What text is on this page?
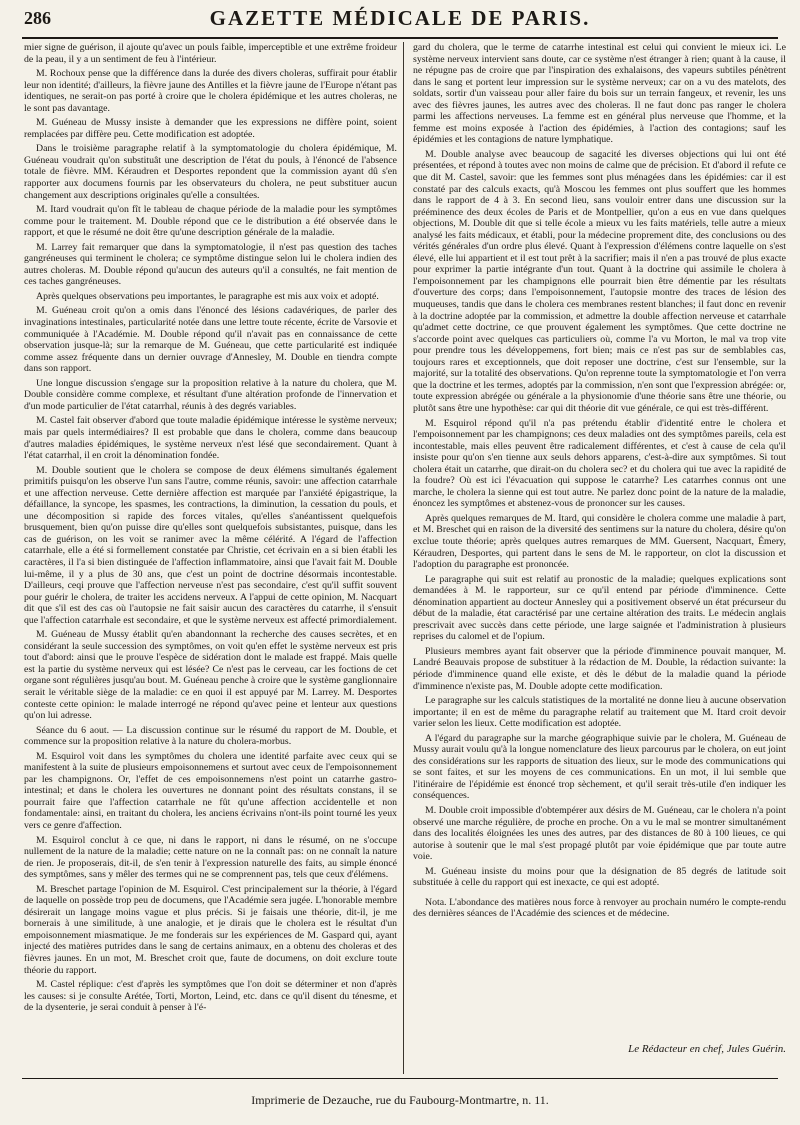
286	GAZETTE MÉDICALE DE PARIS.

mier signe de guérison, il ajoute qu'avec un pouls faible, imperceptible et une extrême froideur de la peau, il y a un sentiment de feu à l'intérieur.

M. Rochoux pense que la différence dans la durée des divers choleras, suffirait pour établir leur non identité; d'ailleurs, la fièvre jaune des Antilles et la fièvre jaune de l'Europe n'étant pas identiques, ne serait-on pas porté à croire que le cholera épidémique et les autres choleras, ne le sont pas davantage.

M. Guéneau de Mussy insiste à demander que les expressions ne diffère point, soient remplacées par diffère peu. Cette modification est adoptée.

Dans le troisième paragraphe relatif à la symptomatologie du cholera épidémique, M. Guéneau voudrait qu'on substituât une description de l'état du pouls, à l'énoncé de l'absence totale de fièvre. MM. Kéraudren et Desportes repondent que la commission ayant dû s'en rapporter aux documens fournis par les observateurs du cholera, ne peut substituer aucun changement aux descriptions originales qu'elle a consultées.

M. Itard voudrait qu'on fît le tableau de chaque période de la maladie pour les symptômes comme pour le traitement. M. Double répond que ce le distribution a été observée dans le rapport, et que le résumé ne doit être qu'une description générale de la maladie.

M. Larrey fait remarquer que dans la symptomatologie, il n'est pas question des taches gangréneuses qui terminent le cholera; ce symptôme distingue selon lui le cholera indien des autres choleras. M. Double répond qu'aucun des auteurs qu'il a consultés, ne fait mention de ces taches gangréneuses.

Après quelques observations peu importantes, le paragraphe est mis aux voix et adopté.

M. Guéneau croit qu'on a omis dans l'énoncé des lésions cadavériques, de parler des invaginations intestinales, particularité notée dans une lettre toute récente, écrite de Varsovie et communiquée à l'Académie. M. Double répond qu'il n'avait pas en connaissance de cette observation jusque-là; sur la remarque de M. Guéneau, que cette particularité est indiquée comme assez fréquente dans un dernier ouvrage d'Annesley, M. Double en tiendra compte dans son rapport.

Une longue discussion s'engage sur la proposition relative à la nature du cholera, que M. Double considère comme complexe, et résultant d'une altération profonde de l'innervation et d'un mode particulier de l'état catarrhal, réunis à des degrés variables.

M. Castel fait observer d'abord que toute maladie épidémique intéresse le système nerveux; mais par quels intermédiaires? Il est probable que dans le cholera, comme dans beaucoup d'autres maladies épidémiques, le système nerveux n'est lésé que secondairement. Quant à l'état catarrhal, il en croit la dénomination fondée.

M. Double soutient que le cholera se compose de deux élémens simultanés également primitifs puisqu'on les observe l'un sans l'autre, comme réunis, savoir: une affection catarrhale et une affection nerveuse. Cette dernière affection est marquée par l'anxiété épigastrique, la défaillance, la syncope, les spasmes, les contractions, la diminution, la cessation du pouls, et une décomposition si rapide des forces vitales, qu'elles s'anéantissent quelquefois brusquement, bien qu'on puisse dire qu'elles sont quelquefois subsistantes, puisque, dans les cas de guérison, on les voit se ranimer avec la même célérité. A l'égard de l'affection catarrhale, elle a été si formellement constatée par Christie, cet écrivain en a si bien établi les caractères, il l'a si bien distinguée de l'affection inflammatoire, ainsi que l'avait fait M. Double lui-même, il y a plus de 30 ans, que c'est un point de doctrine désormais incontestable. D'ailleurs, ceqi prouve que l'affection nerveuse n'est pas secondaire, c'est qu'il suffit souvent pour guérir le cholera, de traiter les accidens nerveux. A l'appui de cette opinion, M. Nacquart dit que s'il est des cas où l'autopsie ne fait saisir aucun des caractères du catarrhe, il s'ensuit que l'affection catarrhale est secondaire, et que le système nerveux est affecté primordialement.

M. Guéneau de Mussy établit qu'en abandonnant la recherche des causes secrètes, et en considérant la seule succession des symptômes, on voit qu'en effet le système nerveux est pris tout d'abord: ainsi que le prouve l'espèce de sidération dont le malade est frappé. Mais quelle est la partie du système nerveux qui est lésée? Ce n'est pas le cerveau, car les foctions de cet organe sont régulières jusqu'au bout. M. Guéneau penche à croire que le système ganglionnaire serait le véritable siège de la maladie: ce en quoi il est appuyé par M. Larrey. M. Desportes conteste cette opinion: le malade interrogé ne répond qu'avec peine et lenteur aux questions qu'on lui adresse.

Séance du 6 aout. — La discussion continue sur le résumé du rapport de M. Double, et commence sur la proposition relative à la nature du cholera-morbus.

M. Esquirol voit dans les symptômes du cholera une identité parfaite avec ceux qui se manifestent à la suite de plusieurs empoisonnemens et surtout avec ceux de l'empoisonnement par les champignons. Or, l'effet de ces empoisonnemens n'est point un catarrhe gastro-intestinal; et dans le cholera les ouvertures ne donnant point des résultats constans, il se pourrait faire que l'affection catarrhale ne fût qu'une affection accidentelle et non fondamentale: ainsi, en traitant du cholera, les anciens écrivains n'ont-ils point tourné les yeux vers ce genre d'affection.

M. Esquirol conclut à ce que, ni dans le rapport, ni dans le résumé, on ne s'occupe nullement de la nature de la maladie; cette nature on ne la connaît pas: on ne connaît la nature de rien. Je proposerais, dit-il, de s'en tenir à l'expression naturelle des faits, au simple énoncé des symptômes, sans y mêler des termes qui ne se comprennent pas, tels que ceux d'élémens.

M. Breschet partage l'opinion de M. Esquirol. C'est principalement sur la théorie, à l'égard de laquelle on possède trop peu de documens, que l'Académie sera jugée. L'honorable membre désirerait un langage moins vague et plus précis. Si je faisais une théorie, dit-il, je me bornerais à une similitude, à une analogie, et je dirais que le cholera est le résultat d'un empoisonnement miasmatique. Je me fonderais sur les expériences de M. Gaspard qui, ayant injecté des matières putrides dans le sang de certains animaux, en a obtenu des choleras et des fièvres jaunes. En un mot, M. Breschet croit que, faute de documens, on doit exclure toute théorie du rapport.

M. Castel réplique: c'est d'après les symptômes que l'on doit se déterminer et non d'après les causes: si je consulte Arétée, Torti, Morton, Leind, etc. dans ce qu'il disent du ténesme, et de la dysenterie, je serai conduit à penser à l'é-

gard du cholera, que le terme de catarrhe intestinal est celui qui convient le mieux ici. Le système nerveux intervient sans doute, car ce système n'est étranger à rien; quant à la cause, il ne répugne pas de croire que par l'inspiration des exhalaisons, des vapeurs subtiles pénètrent dans le sang et portent leur impression sur le système nerveux; car on a vu des matelots, des soldats, sortir d'un vaisseau pour aller faire du bois sur un terrain fangeux, et revenir, les uns avec des fièvres jaunes, les autres avec des choleras. Il ne faut donc pas ranger le cholera parmi les affections nerveuses. La femme est en général plus nerveuse que l'homme, et la femme est moins exposée à l'action des épidémies, à l'action des contagions; sauf les épidémies et les contagions de nature lymphatique.

M. Double analyse avec beaucoup de sagacité les diverses objections qui lui ont été présentées, et répond à toutes avec non moins de calme que de précision. Et d'abord il refute ce que dit M. Castel, savoir: que les femmes sont plus ménagées dans les épidémies: car il est constaté par des calculs exacts, qu'à Moscou les femmes ont plus souffert que les hommes dans le rapport de 4 à 3. En second lieu, sans vouloir entrer dans une discussion sur la prééminence des deux écoles de Paris et de Montpellier, qu'on a eus en vue dans quelques objections, M. Double dit que si telle école a mieux vu les faits matériels, telle autre a mieux analysé les faits médicaux, et établi, pour la médecine proprement dite, des conclusions ou des vérités générales d'un ordre plus élevé. Quant à l'expression d'élémens contre laquelle on s'est élevé, elle lui appartient et il est tout prêt à la sacrifier; mais il n'en a pas trouvé de plus exacte pour exprimer la partie intégrante d'un tout. Quant à la doctrine qui assimile le cholera à l'empoisonnement par les champignons elle pourrait bien être démentie par les résultats d'ouverture des corps; dans l'empoisonnement, l'autopsie montre des traces de lésion des muqueuses, tandis que dans le cholera ces membranes restent blanches; il faut donc en revenir à la doctrine adoptée par la commission, et admettre la double affection nerveuse et catarrhale qu'admet cette doctrine, ce que prouvent également les symptômes. Que cette doctrine ne s'accorde point avec quelques cas particuliers où, comme l'a vu Morton, le mal va trop vite pour prendre tous les développemens, fort bien; mais ce n'est pas sur de semblables cas, toujours rares et exceptionnels, que doit reposer une doctrine, c'est sur l'ensemble, sur la majorité, sur la totalité des observations. Qu'on reprenne toute la symptomatologie et l'on verra que la doctrine et les termes, adoptés par la commission, n'en sont que l'expression abrégée: or, toute expression abrégée ou générale a la physionomie d'une théorie sans être une théorie, ou plutôt sans être une hypothèse: car qui dit théorie dit vue générale, ce qui est très-différent.

M. Esquirol répond qu'il n'a pas prétendu établir d'identité entre le cholera et l'empoisonnement par les champignons; ces deux maladies ont des symptômes pareils, cela est incontestable, mais elles peuvent être radicalement différentes, et c'est à cause de cela qu'il insiste pour qu'on s'en tienne aux seuls dehors apparens, c'est-à-dire aux symptômes. Si tout cholera était un catarrhe, que dirait-on du cholera sec? et du cholera qui tue avec la rapidité de la foudre? Où est ici l'évacuation qui suppose le catarrhe? Les catarrhes connus ont une marche, le cholera la sienne qui est tout autre. Ne parlez donc point de la nature de la maladie, énoncez les symptômes et abstenez-vous de prononcer sur les causes.

Après quelques remarques de M. Itard, qui considère le cholera comme une maladie à part, et M. Breschet qui en raison de la diversité des sentimens sur la nature du cholera, désire qu'on exclue toute théorie; après quelques autres remarques de MM. Guersent, Nacquart, Émery, Kéraudren, Desportes, qui partent dans le sens de M. le rapporteur, on clot la discussion et l'adoption du paragraphe est prononcée.

Le paragraphe qui suit est relatif au pronostic de la maladie; quelques explications sont demandées à M. le rapporteur, sur ce qu'il entend par période d'imminence. Cette dénomination appartient au docteur Annesley qui a positivement observé un état précurseur du début de la maladie, état caractérisé par une certaine altération des traits. Le médecin anglais prescrivait avec succès dans cette période, une large saignée et l'administration à plusieurs reprises du calomel et de l'opium.

Plusieurs membres ayant fait observer que la période d'imminence pouvait manquer, M. Landré Beauvais propose de substituer à la rédaction de M. Double, la rédaction suivante: la période d'imminence quand elle existe, et dès le début de la maladie quand la période d'imminence n'existe pas, M. Double adopte cette modification.

Le paragraphe sur les calculs statistiques de la mortalité ne donne lieu à aucune observation importante; il en est de même du paragraphe relatif au traitement que M. Itard croit devoir varier selon les lieux. Cette modification est adoptée.

A l'égard du paragraphe sur la marche géographique suivie par le cholera, M. Guéneau de Mussy aurait voulu qu'à la longue nomenclature des lieux parcourus par le cholera, on eut joint des considérations sur les rapports de situation des lieux, sur le mode des communications qui se sont faites, et sur les moyens de ces communications. En un mot, il lui semble que l'itinéraire de l'épidémie est énoncé trop sèchement, et qu'il serait très-utile d'en indiquer les conséquences.

M. Double croit impossible d'obtempérer aux désirs de M. Guéneau, car le cholera n'a point observé une marche régulière, de proche en proche. On a vu le mal se montrer simultanément dans des localités éloignées les unes des autres, par des distances de 80 à 100 lieues, ce qui autorise à soutenir que le mal s'est propagé plutôt par voie épidémique que par toute autre voie.

M. Guéneau insiste du moins pour que la désignation de 85 degrés de latitude soit substituée à celle du rapport qui est inexacte, ce qui est adopté.

Nota. L'abondance des matières nous force à renvoyer au prochain numéro le compte-rendu des dernières séances de l'Académie des sciences et de médecine.

Le Rédacteur en chef, Jules Guérin.
Imprimerie de Dezauche, rue du Faubourg-Montmartre, n. 11.
